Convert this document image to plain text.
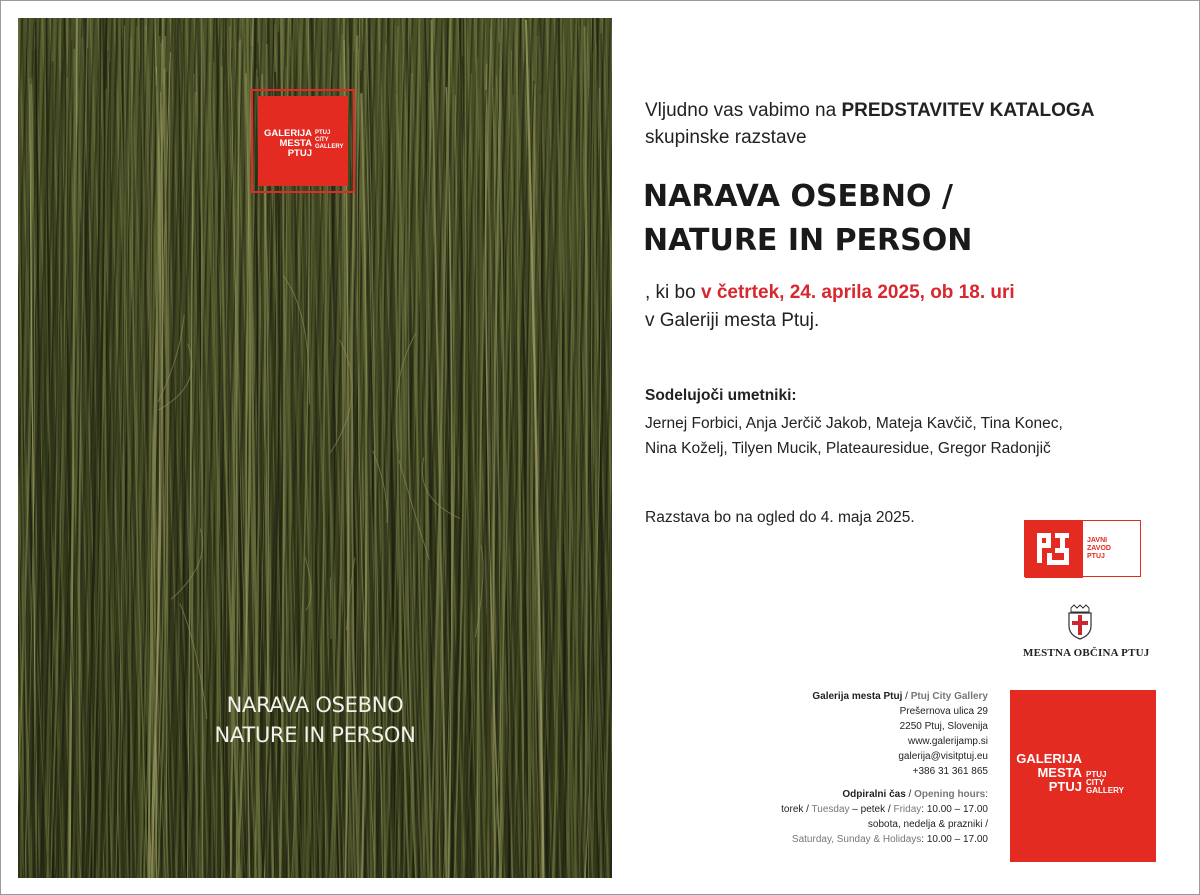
GALERIJA
MESTA
PTUJ
PTUJ
CITY
GALLERY
NARAVA OSEBNO
NATURE IN PERSON
Vljudno vas vabimo na PREDSTAVITEV KATALOGA
skupinske razstave
NARAVA OSEBNO /
NATURE IN PERSON
, ki bo v četrtek, 24. aprila 2025, ob 18. uri
v Galeriji mesta Ptuj.
Sodelujoči umetniki:
Jernej Forbici, Anja Jerčič Jakob, Mateja Kavčič, Tina Konec,
Nina Koželj, Tilyen Mucik, Plateauresidue, Gregor Radonjič
Razstava bo na ogled do 4. maja 2025.
JAVNI
ZAVOD
PTUJ
MESTNA OBČINA PTUJ
Galerija mesta Ptuj / Ptuj City Gallery
Prešernova ulica 29
2250 Ptuj, Slovenija
www.galerijamp.si
galerija@visitptuj.eu
+386 31 361 865
Odpiralni čas / Opening hours:
torek / Tuesday – petek / Friday: 10.00 – 17.00
sobota, nedelja & prazniki /
Saturday, Sunday & Holidays: 10.00 – 17.00
GALERIJA
MESTA
PTUJ
PTUJ
CITY
GALLERY
